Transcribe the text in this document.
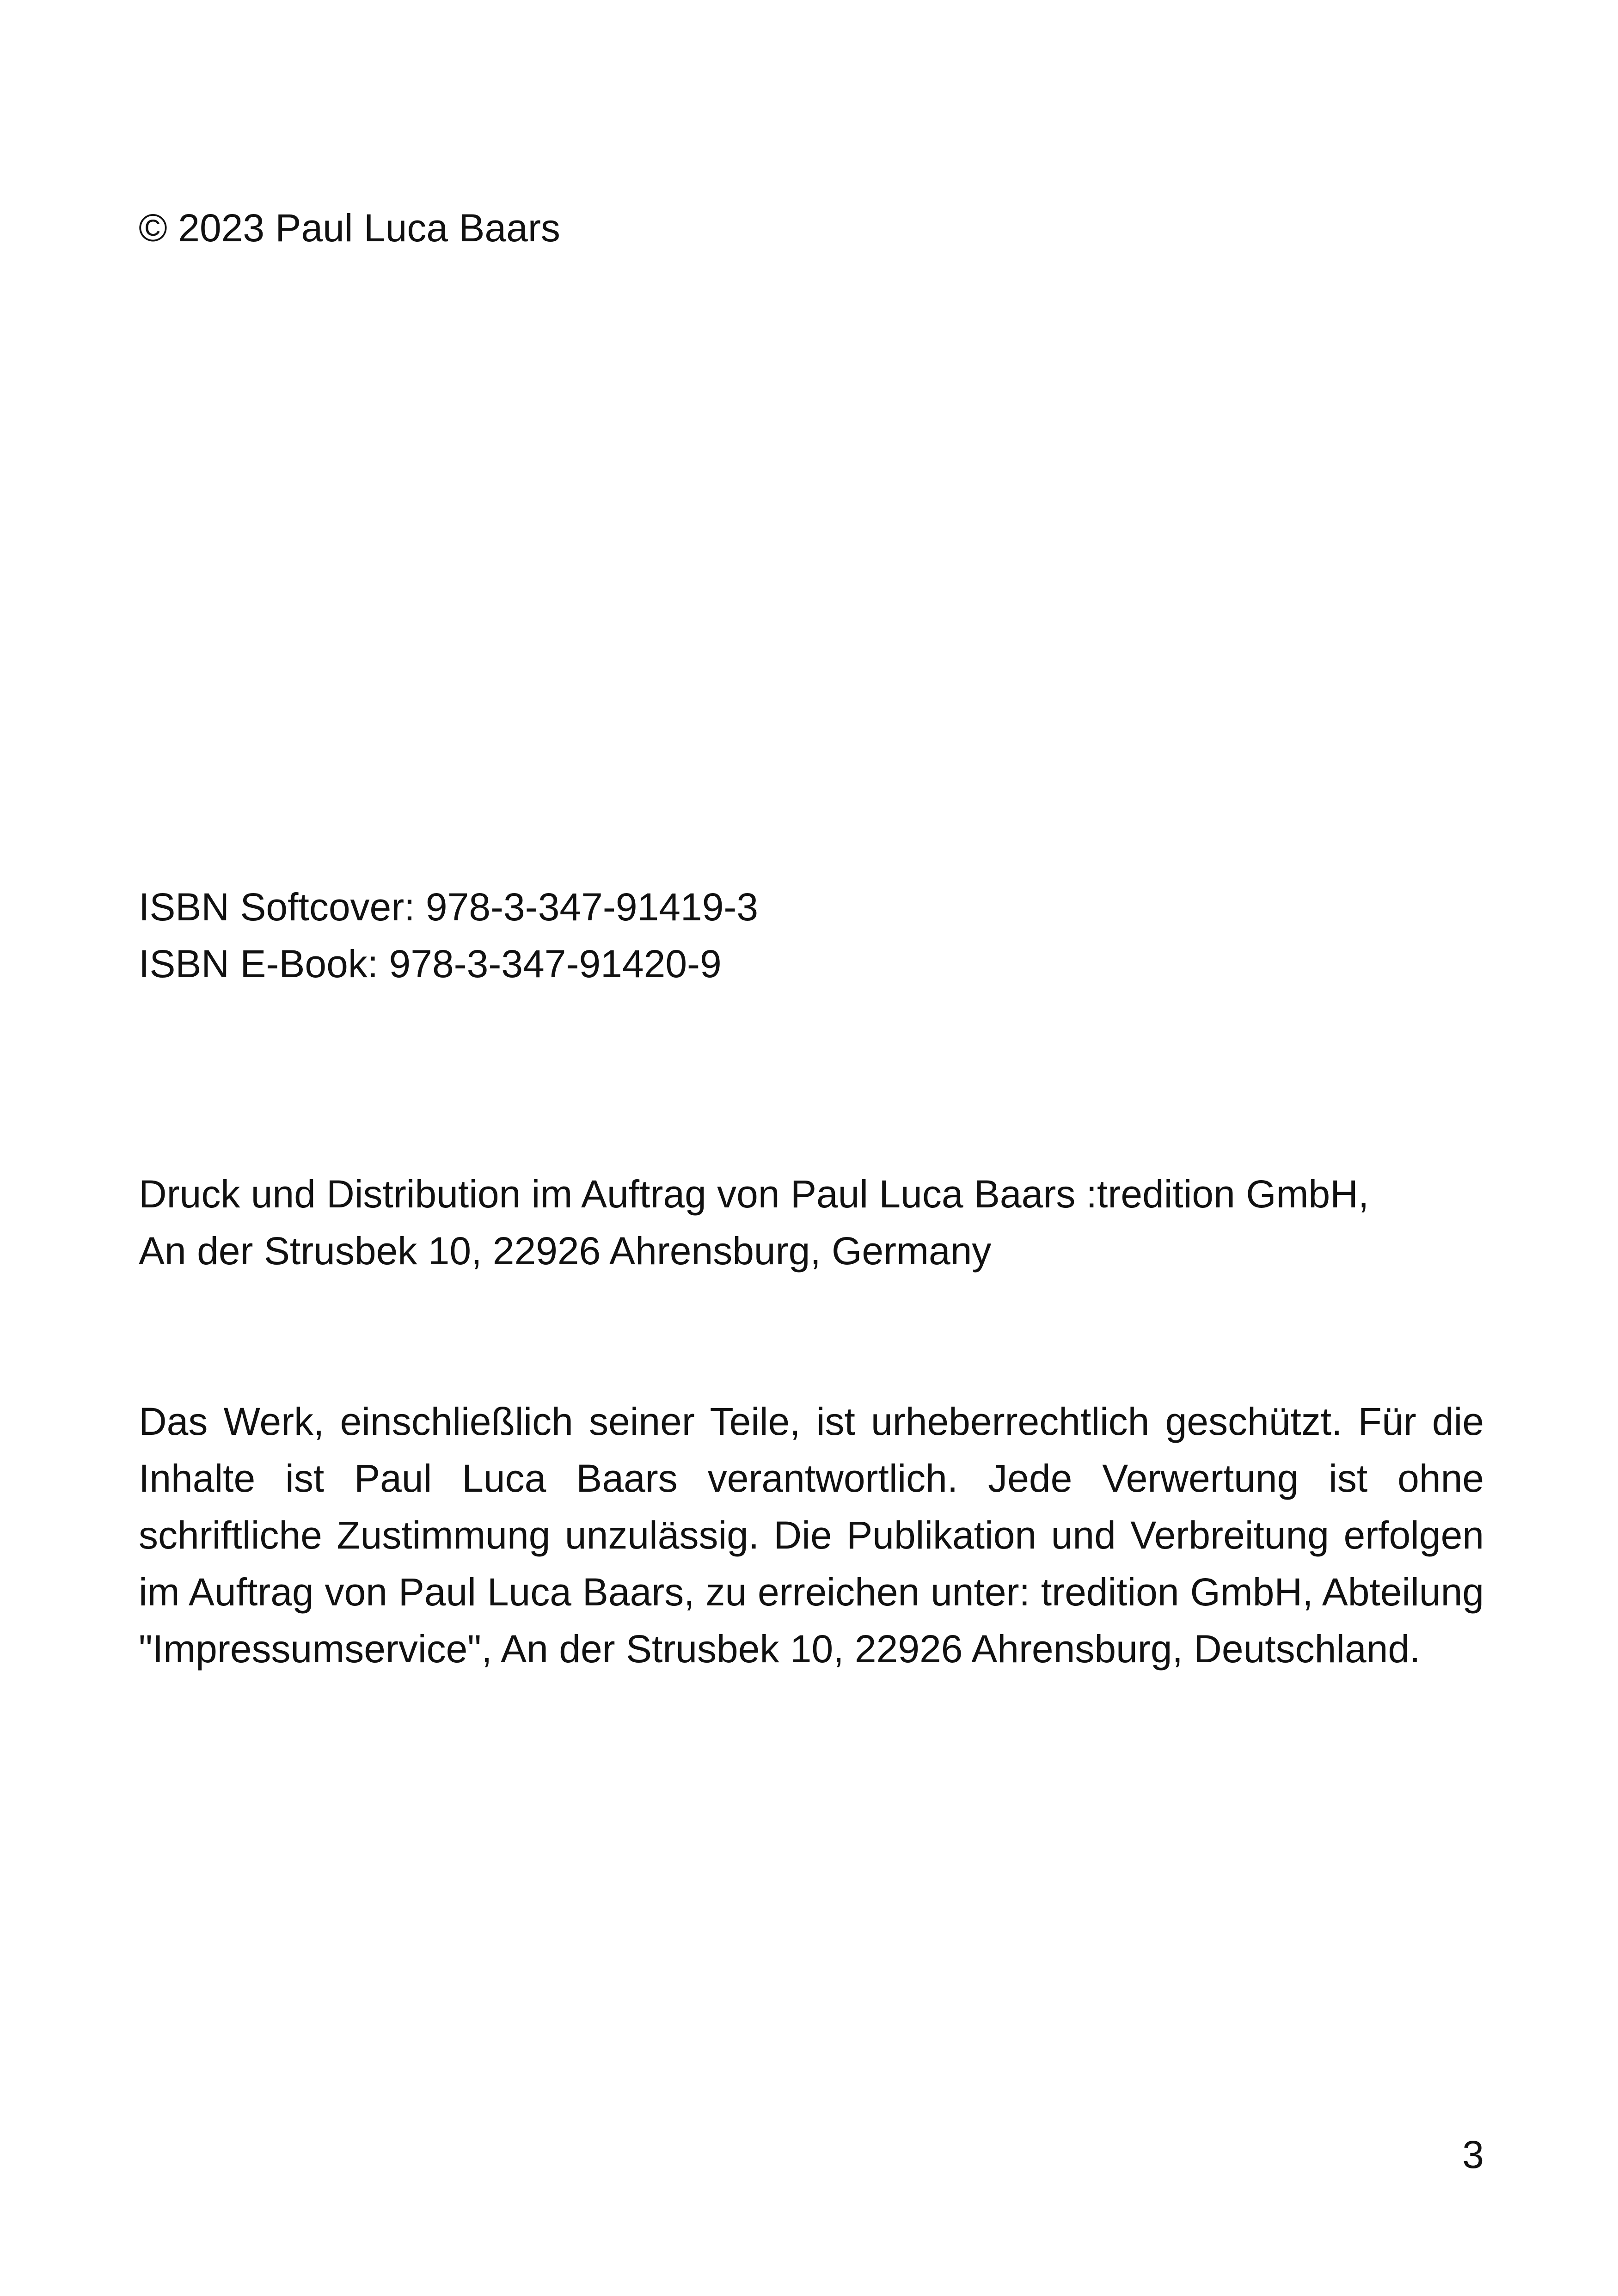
© 2023 Paul Luca Baars

ISBN Softcover: 978-3-347-91419-3
ISBN E-Book: 978-3-347-91420-9
Druck und Distribution im Auftrag von Paul Luca Baars :tredition GmbH,
An der Strusbek 10, 22926 Ahrensburg, Germany

Das Werk, einschließlich seiner Teile, ist urheberrechtlich geschützt. Für die Inhalte ist Paul Luca Baars verantwortlich. Jede Verwertung ist ohne schriftliche Zustimmung unzulässig. Die Publikation und Verbreitung erfolgen im Auftrag von Paul Luca Baars, zu erreichen unter: tredition GmbH, Abteilung "Impressumservice", An der Strusbek 10, 22926 Ahrensburg, Deutschland.

3
